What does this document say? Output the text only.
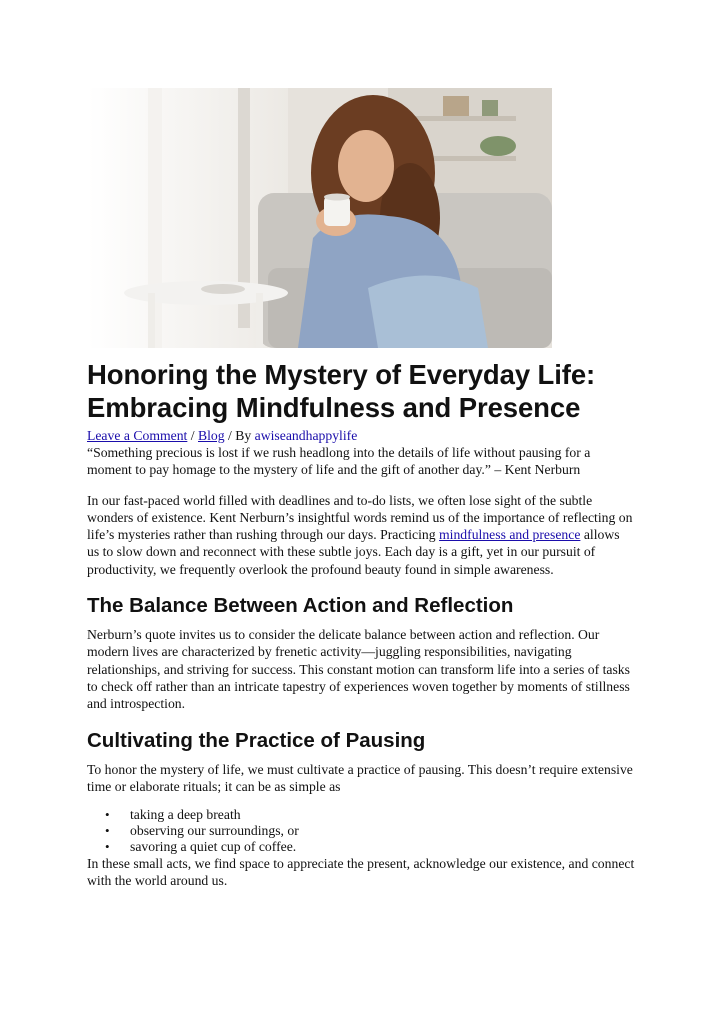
Honoring the Mystery of Everyday Life: Embracing Mindfulness and Presence
Leave a Comment / Blog / By awiseandhappylife

“Something precious is lost if we rush headlong into the details of life without pausing for a moment to pay homage to the mystery of life and the gift of another day.” – Kent Nerburn

In our fast-paced world filled with deadlines and to-do lists, we often lose sight of the subtle wonders of existence. Kent Nerburn’s insightful words remind us of the importance of reflecting on life’s mysteries rather than rushing through our days. Practicing mindfulness and presence allows us to slow down and reconnect with these subtle joys. Each day is a gift, yet in our pursuit of productivity, we frequently overlook the profound beauty found in simple awareness.

The Balance Between Action and Reflection

Nerburn’s quote invites us to consider the delicate balance between action and reflection. Our modern lives are characterized by frenetic activity—juggling responsibilities, navigating relationships, and striving for success. This constant motion can transform life into a series of tasks to check off rather than an intricate tapestry of experiences woven together by moments of stillness and introspection.

Cultivating the Practice of Pausing

To honor the mystery of life, we must cultivate a practice of pausing. This doesn’t require extensive time or elaborate rituals; it can be as simple as

• taking a deep breath
• observing our surroundings, or
• savoring a quiet cup of coffee.

In these small acts, we find space to appreciate the present, acknowledge our existence, and connect with the world around us.
